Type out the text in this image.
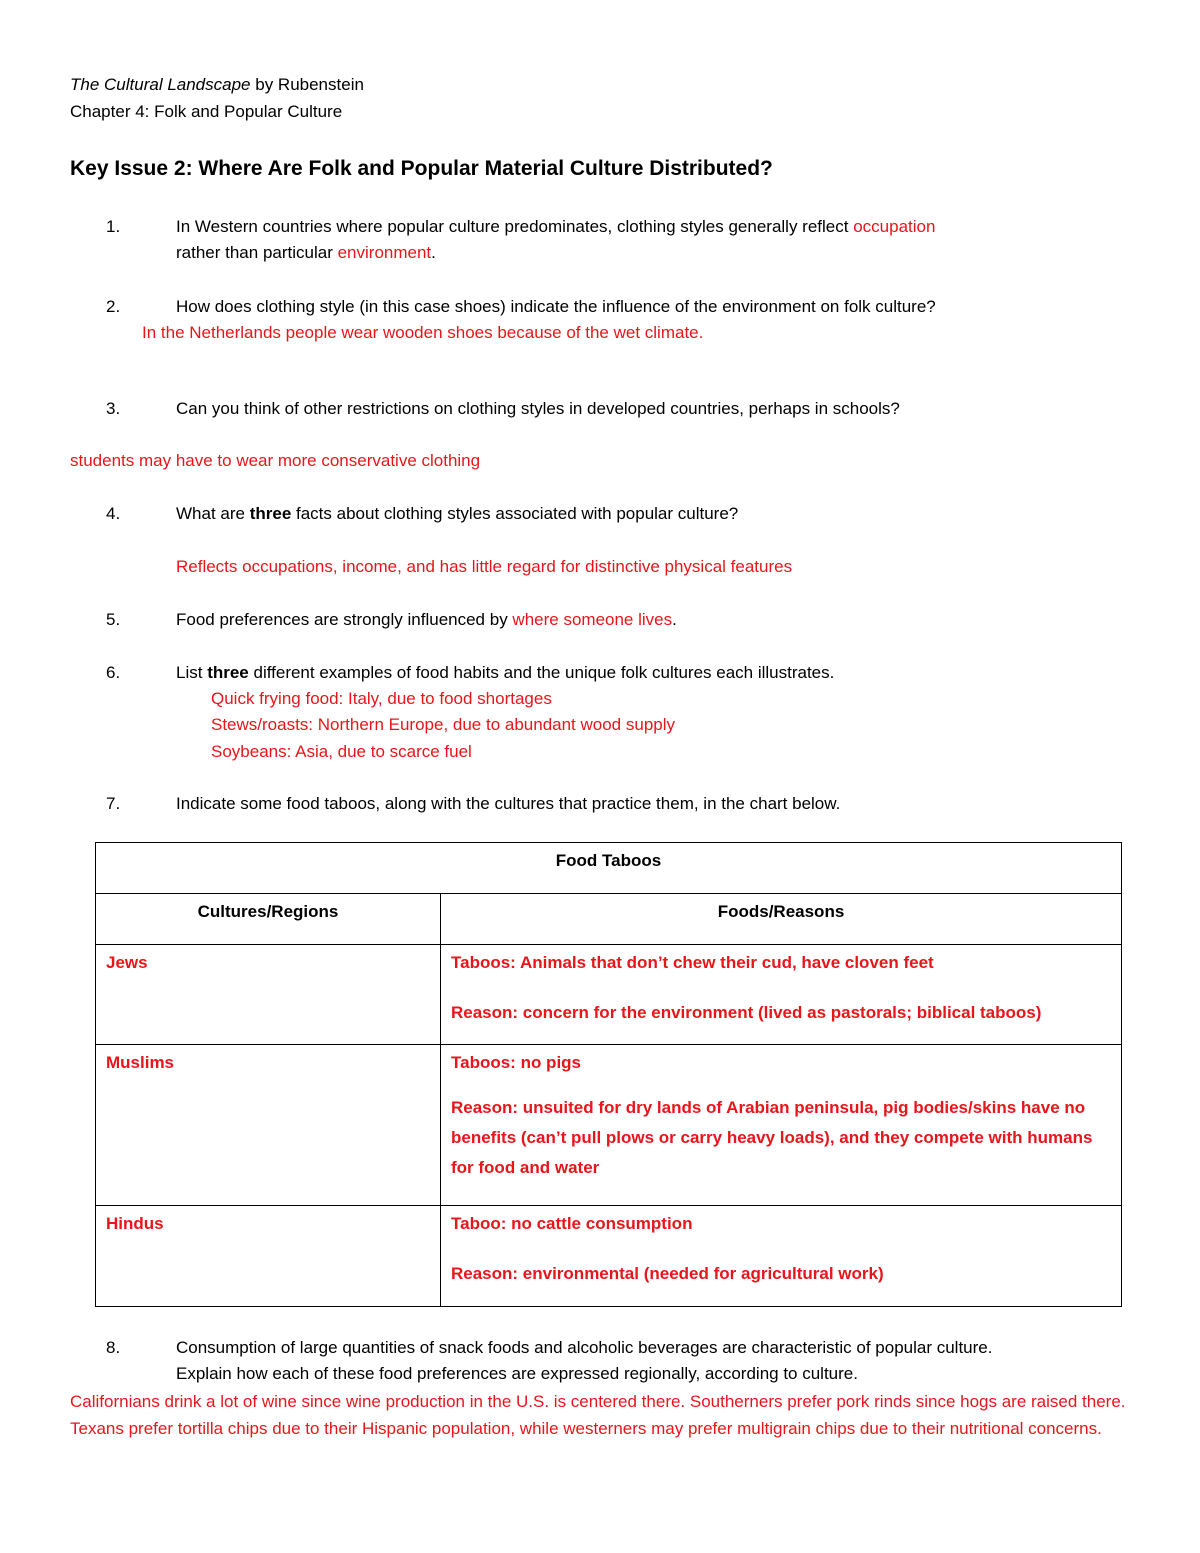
The Cultural Landscape by Rubenstein
Chapter 4: Folk and Popular Culture
Key Issue 2: Where Are Folk and Popular Material Culture Distributed?
1.	In Western countries where popular culture predominates, clothing styles generally reflect occupation
rather than particular environment.
2.	How does clothing style (in this case shoes) indicate the influence of the environment on folk culture?
In the Netherlands people wear wooden shoes because of the wet climate.
3.	Can you think of other restrictions on clothing styles in developed countries, perhaps in schools?
students may have to wear more conservative clothing
4.	What are three facts about clothing styles associated with popular culture?
Reflects occupations, income, and has little regard for distinctive physical features
5.	Food preferences are strongly influenced by where someone lives.
6.	List three different examples of food habits and the unique folk cultures each illustrates.
Quick frying food: Italy, due to food shortages
Stews/roasts: Northern Europe, due to abundant wood supply
Soybeans: Asia, due to scarce fuel
7.	Indicate some food taboos, along with the cultures that practice them, in the chart below.
Food Taboos	
Cultures/Regions	Foods/Reasons
Jews	Taboos: Animals that don’t chew their cud, have cloven feet

Reason: concern for the environment (lived as pastorals; biblical taboos)

Muslims	Taboos: no pigs

Reason: unsuited for dry lands of Arabian peninsula, pig bodies/skins have no benefits (can’t pull plows or carry heavy loads), and they compete with humans for food and water

Hindus	Taboo: no cattle consumption

Reason: environmental (needed for agricultural work)

8.	Consumption of large quantities of snack foods and alcoholic beverages are characteristic of popular culture.
Explain how each of these food preferences are expressed regionally, according to culture.
Californians drink a lot of wine since wine production in the U.S. is centered there. Southerners prefer pork rinds since hogs are raised there. Texans prefer tortilla chips due to their Hispanic population, while westerners may prefer multigrain chips due to their nutritional concerns.
